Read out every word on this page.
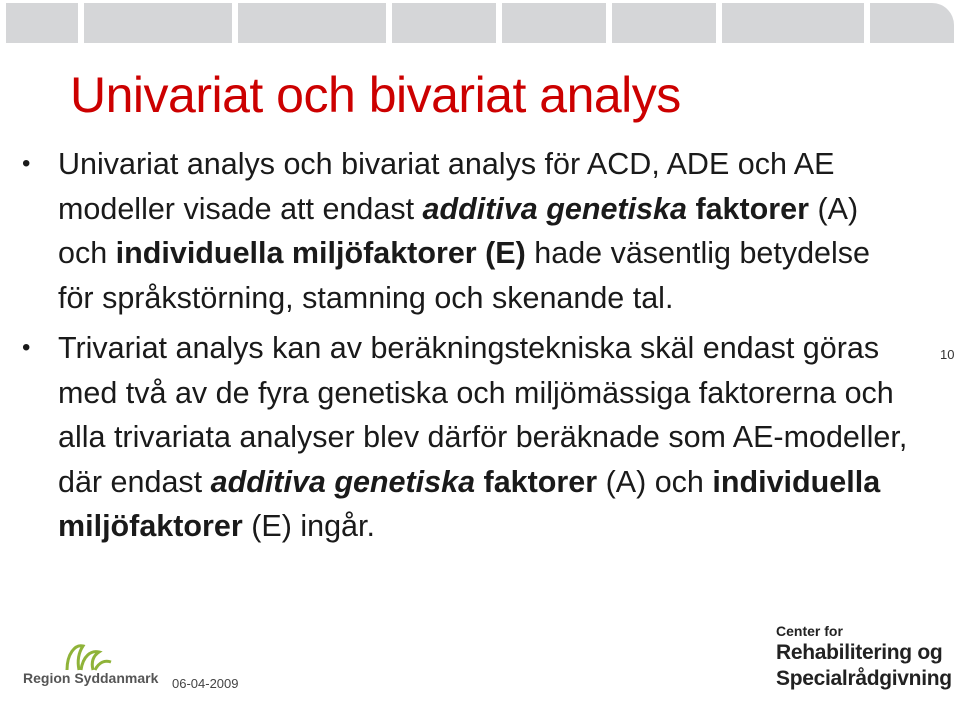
Univariat och bivariat analys
• Univariat analys och bivariat analys för ACD, ADE och AE modeller visade att endast additiva genetiska faktorer (A) och individuella miljöfaktorer (E) hade väsentlig betydelse för språkstörning, stamning och skenande tal.
• Trivariat analys kan av beräkningstekniska skäl endast göras med två av de fyra genetiska och miljömässiga faktorerna och alla trivariata analyser blev därför beräknade som AE-modeller, där endast additiva genetiska faktorer (A) och individuella miljöfaktorer (E) ingår.
10
06-04-2009
Region Syddanmark
Center for
Rehabilitering og
Specialrådgivning
